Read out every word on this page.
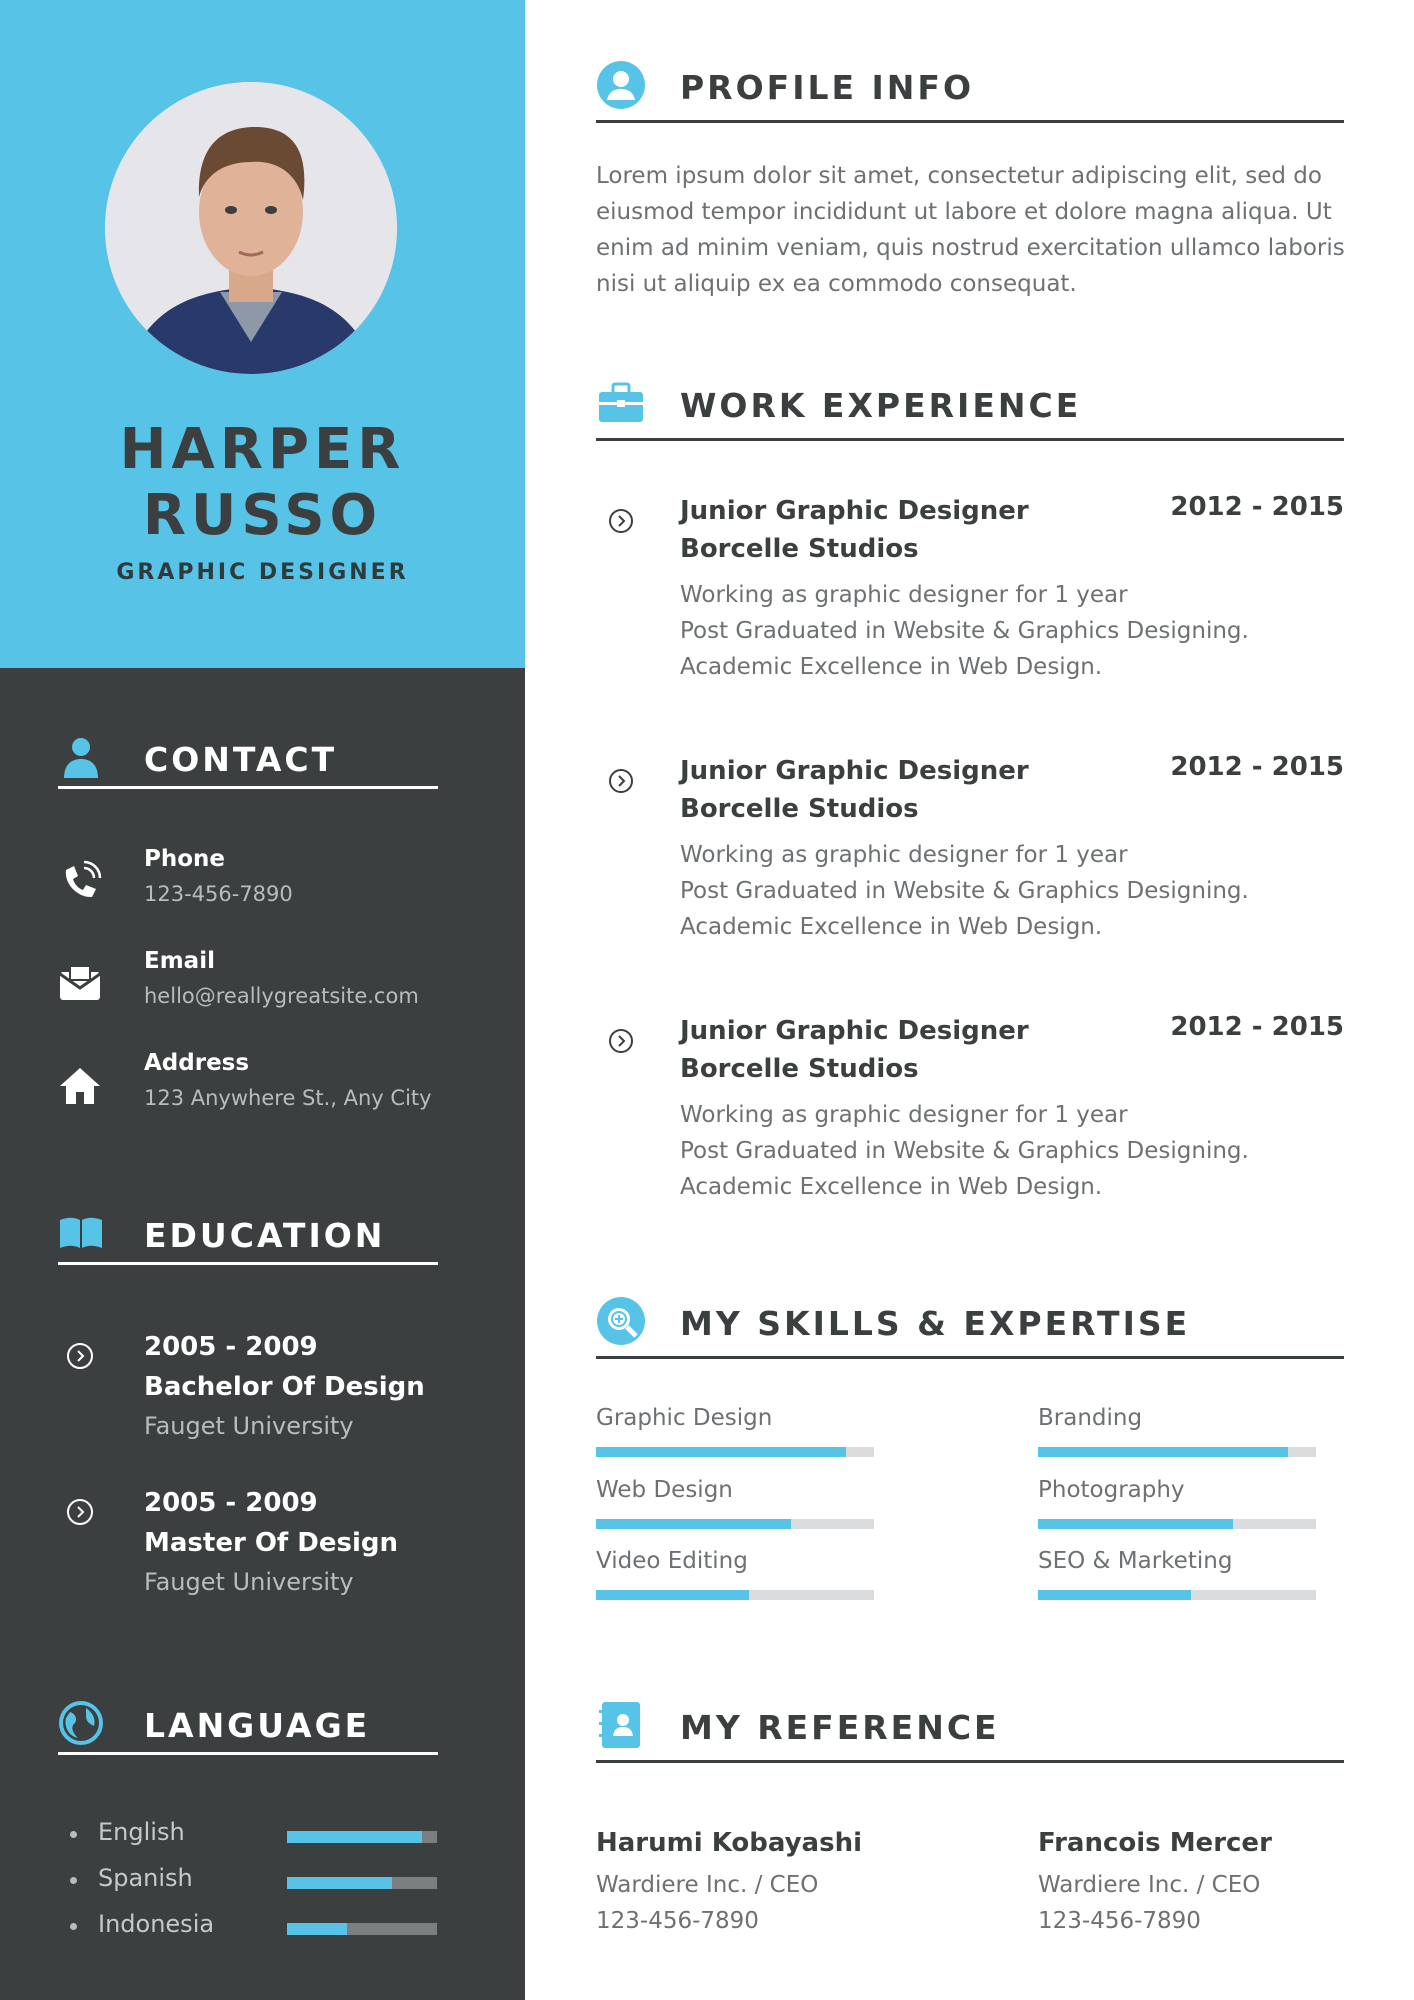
HARPER
RUSSO
GRAPHIC DESIGNER
CONTACT
Phone
123-456-7890
Email
hello@reallygreatsite.com
Address
123 Anywhere St., Any City
EDUCATION
2005 - 2009
Bachelor Of Design
Fauget University
2005 - 2009
Master Of Design
Fauget University
LANGUAGE
English
Spanish
Indonesia
PROFILE INFO
Lorem ipsum dolor sit amet, consectetur adipiscing elit, sed do eiusmod tempor incididunt ut labore et dolore magna aliqua. Ut enim ad minim veniam, quis nostrud exercitation ullamco laboris nisi ut aliquip ex ea commodo consequat.
WORK EXPERIENCE
Junior Graphic Designer
Borcelle Studios
2012 - 2015
Working as graphic designer for 1 year
Post Graduated in Website & Graphics Designing.
Academic Excellence in Web Design.
Junior Graphic Designer
Borcelle Studios
2012 - 2015
Working as graphic designer for 1 year
Post Graduated in Website & Graphics Designing.
Academic Excellence in Web Design.
Junior Graphic Designer
Borcelle Studios
2012 - 2015
Working as graphic designer for 1 year
Post Graduated in Website & Graphics Designing.
Academic Excellence in Web Design.
MY SKILLS & EXPERTISE
Graphic Design	Branding
Web Design	Photography
Video Editing	SEO & Marketing
MY REFERENCE
Harumi Kobayashi
Wardiere Inc. / CEO
123-456-7890
Francois Mercer
Wardiere Inc. / CEO
123-456-7890
